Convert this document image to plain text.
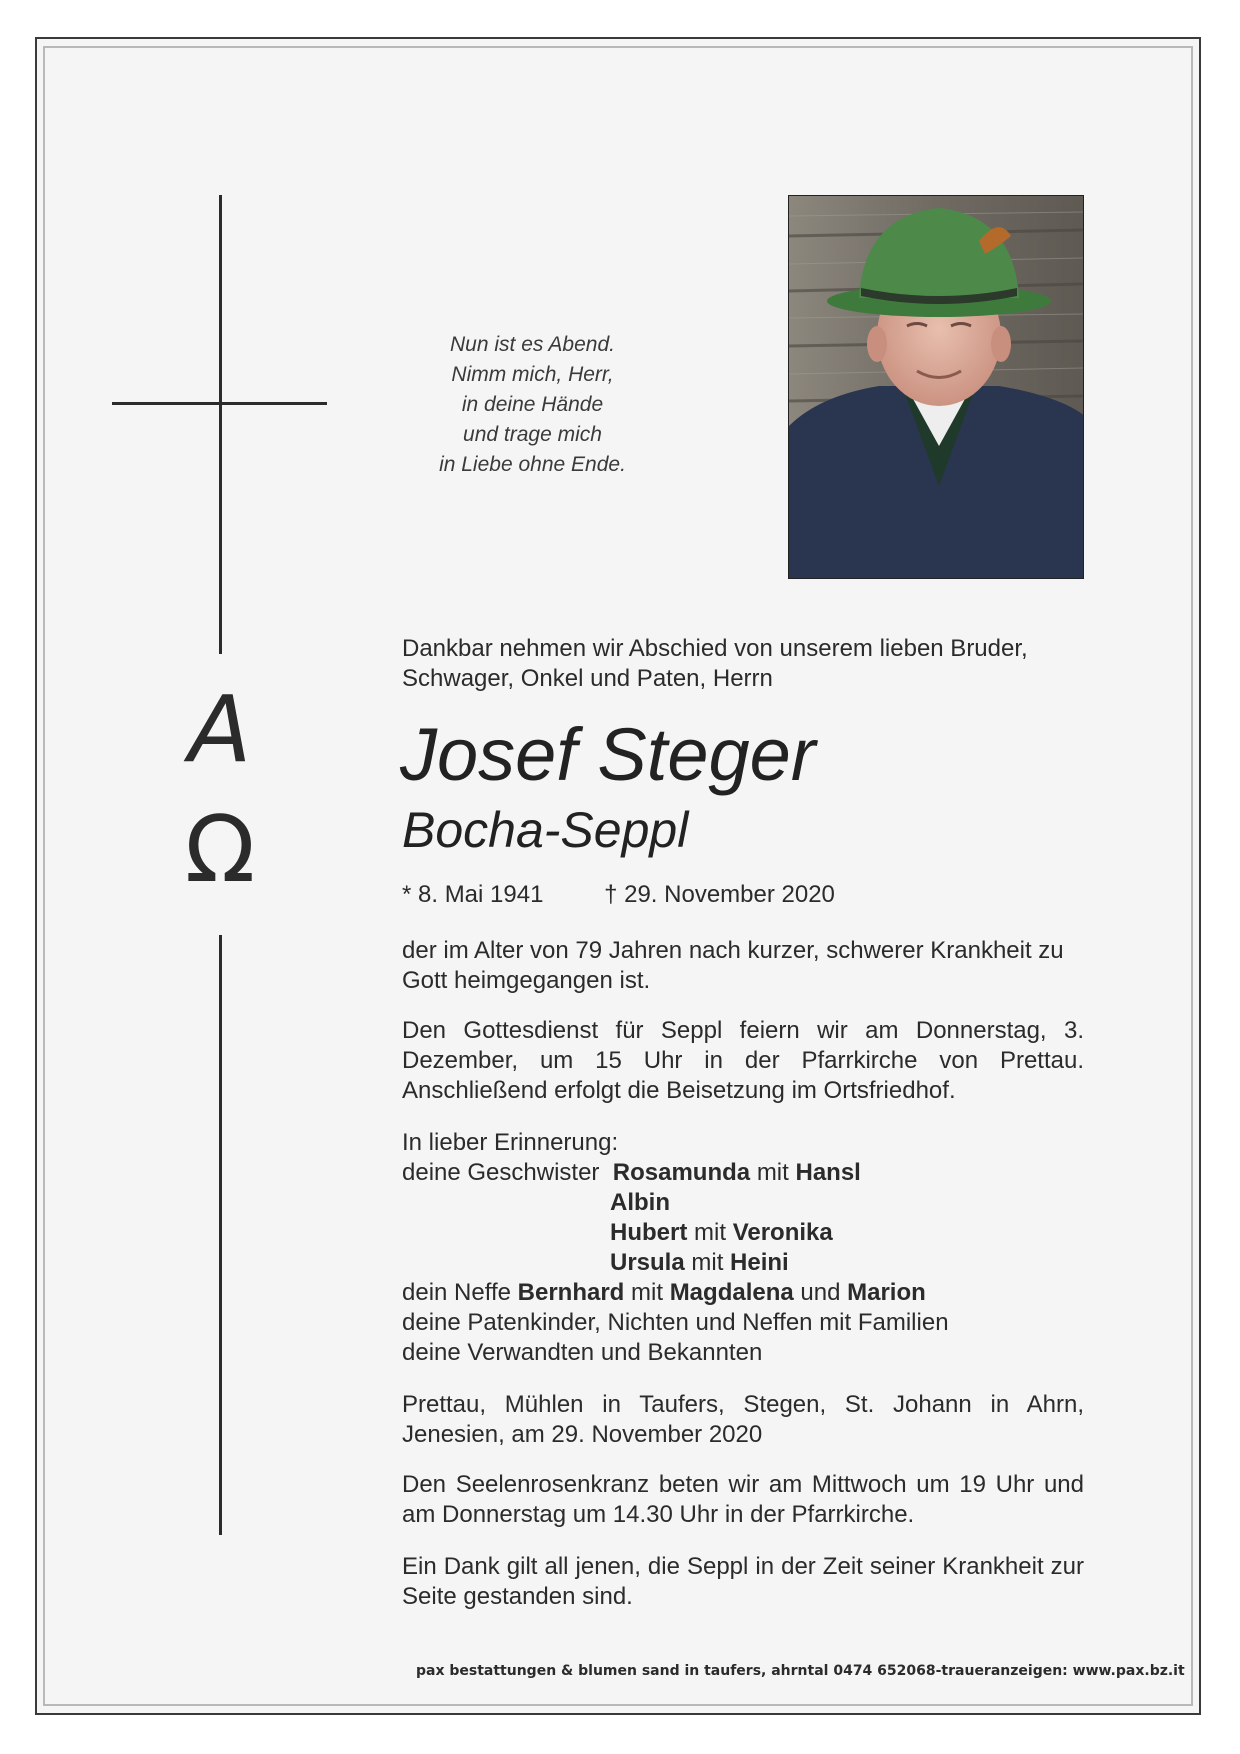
A
Ω
Nun ist es Abend.
Nimm mich, Herr,
in deine Hände
und trage mich
in Liebe ohne Ende.
Dankbar nehmen wir Abschied von unserem lieben Bruder,
Schwager, Onkel und Paten, Herrn
Josef Steger
Bocha-Seppl
* 8. Mai 1941	† 29. November 2020
der im Alter von 79 Jahren nach kurzer, schwerer Krankheit zu Gott heimgegangen ist.
Den Gottesdienst für Seppl feiern wir am Donnerstag, 3. Dezember, um 15 Uhr in der Pfarrkirche von Prettau. Anschließend erfolgt die Beisetzung im Ortsfriedhof.
In lieber Erinnerung:
deine Geschwister Rosamunda mit Hansl
Albin
Hubert mit Veronika
Ursula mit Heini
dein Neffe Bernhard mit Magdalena und Marion
deine Patenkinder, Nichten und Neffen mit Familien
deine Verwandten und Bekannten
Prettau, Mühlen in Taufers, Stegen, St. Johann in Ahrn, Jenesien, am 29. November 2020
Den Seelenrosenkranz beten wir am Mittwoch um 19 Uhr und am Donnerstag um 14.30 Uhr in der Pfarrkirche.
Ein Dank gilt all jenen, die Seppl in der Zeit seiner Krankheit zur Seite gestanden sind.
pax bestattungen & blumen sand in taufers, ahrntal 0474 652068-traueranzeigen: www.pax.bz.it
